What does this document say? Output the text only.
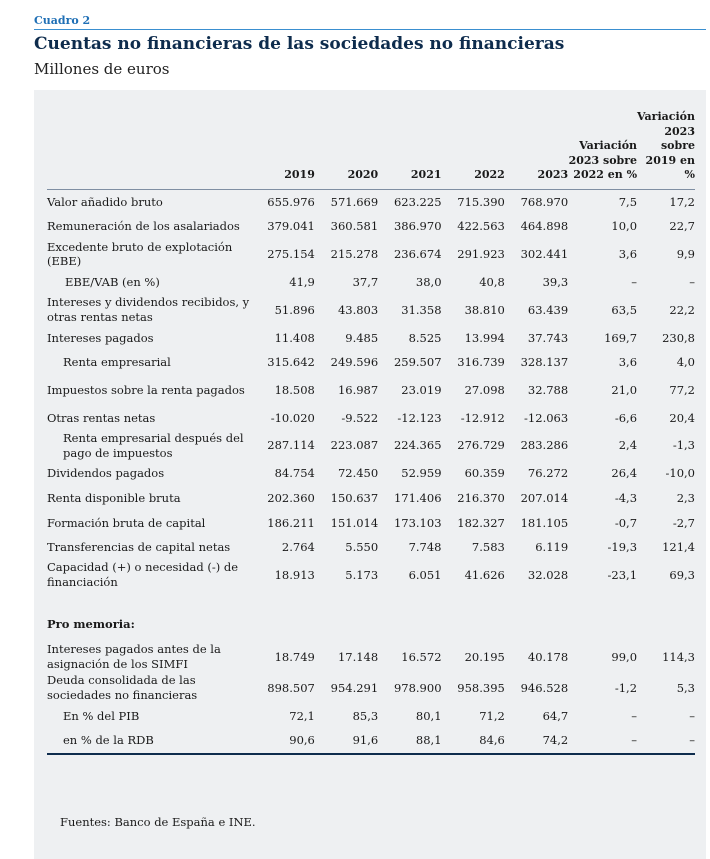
Cuadro 2
Cuentas no financieras de las sociedades no financieras
Millones de euros
	2019	2020	2021	2022	2023	Variación 2023 sobre 2022 en %	Variación 2023 sobre 2019 en %
Valor añadido bruto	655.976	571.669	623.225	715.390	768.970	7,5	17,2
Remuneración de los asalariados	379.041	360.581	386.970	422.563	464.898	10,0	22,7
Excedente bruto de explotación (EBE)	275.154	215.278	236.674	291.923	302.441	3,6	9,9
EBE/VAB (en %)	41,9	37,7	38,0	40,8	39,3	–	–
Intereses y dividendos recibidos, y otras rentas netas	51.896	43.803	31.358	38.810	63.439	63,5	22,2
Intereses pagados	11.408	9.485	8.525	13.994	37.743	169,7	230,8
Renta empresarial	315.642	249.596	259.507	316.739	328.137	3,6	4,0
Impuestos sobre la renta pagados	18.508	16.987	23.019	27.098	32.788	21,0	77,2
Otras rentas netas	-10.020	-9.522	-12.123	-12.912	-12.063	-6,6	20,4
Renta empresarial después del pago de impuestos	287.114	223.087	224.365	276.729	283.286	2,4	-1,3
Dividendos pagados	84.754	72.450	52.959	60.359	76.272	26,4	-10,0
Renta disponible bruta	202.360	150.637	171.406	216.370	207.014	-4,3	2,3
Formación bruta de capital	186.211	151.014	173.103	182.327	181.105	-0,7	-2,7
Transferencias de capital netas	2.764	5.550	7.748	7.583	6.119	-19,3	121,4
Capacidad (+) o necesidad (-) de financiación	18.913	5.173	6.051	41.626	32.028	-23,1	69,3

Pro memoria:							
Intereses pagados antes de la asignación de los SIMFI	18.749	17.148	16.572	20.195	40.178	99,0	114,3
Deuda consolidada de las sociedades no financieras	898.507	954.291	978.900	958.395	946.528	-1,2	5,3
En % del PIB	72,1	85,3	80,1	71,2	64,7	–	–
en % de la RDB	90,6	91,6	88,1	84,6	74,2	–	–
Fuentes: Banco de España e INE.
